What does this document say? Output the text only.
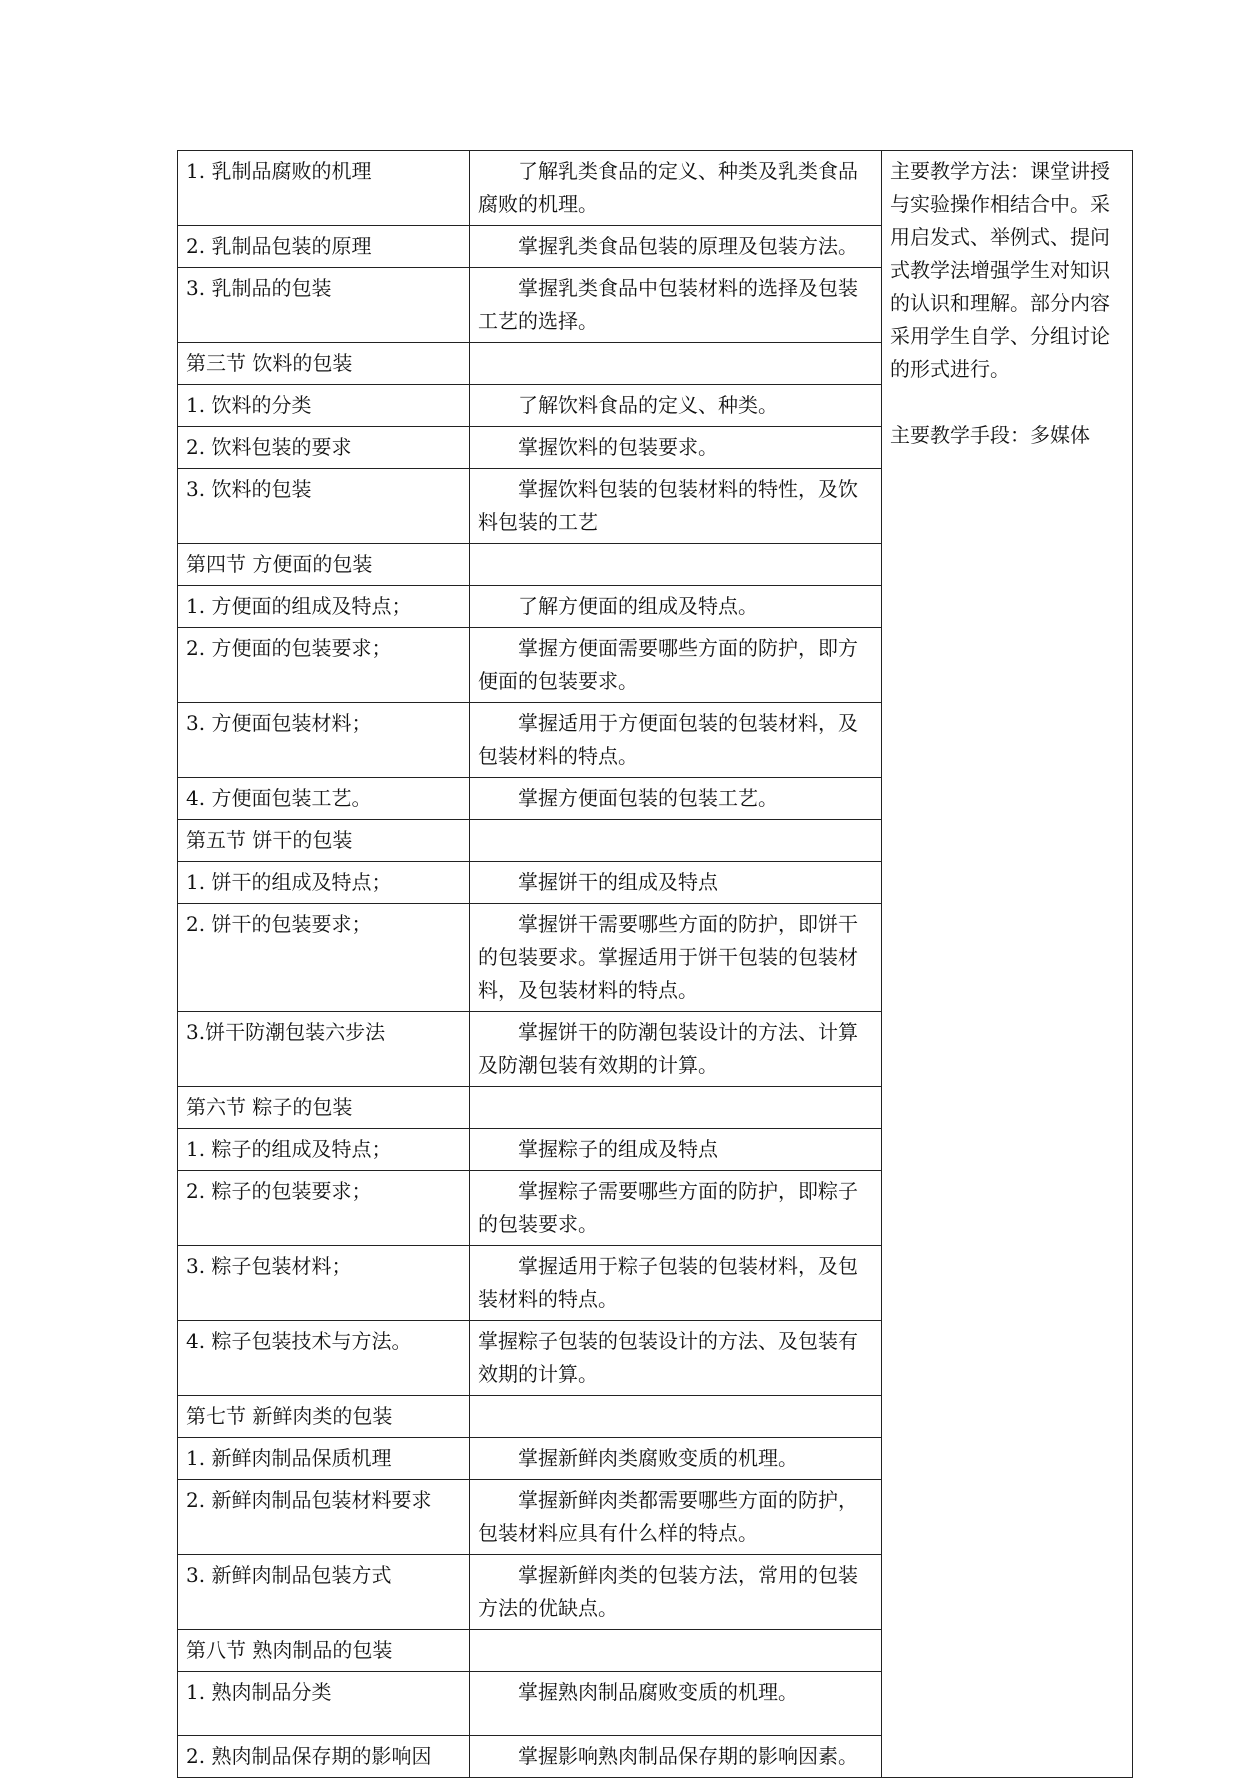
1. 乳制品腐败的机理	了解乳类食品的定义、种类及乳类食品腐败的机理。	主要教学方法：课堂讲授与实验操作相结合中。采用启发式、举例式、提问式教学法增强学生对知识的认识和理解。部分内容采用学生自学、分组讨论的形式进行。
主要教学手段：多媒体

2. 乳制品包装的原理	掌握乳类食品包装的原理及包装方法。	
3. 乳制品的包装	掌握乳类食品中包装材料的选择及包装工艺的选择。	
第三节 饮料的包装		
1. 饮料的分类	了解饮料食品的定义、种类。	
2. 饮料包装的要求	掌握饮料的包装要求。	
3. 饮料的包装	掌握饮料包装的包装材料的特性，及饮料包装的工艺	
第四节 方便面的包装		
1. 方便面的组成及特点；	了解方便面的组成及特点。	
2. 方便面的包装要求；	掌握方便面需要哪些方面的防护，即方便面的包装要求。	
3. 方便面包装材料；	掌握适用于方便面包装的包装材料，及包装材料的特点。	
4. 方便面包装工艺。	掌握方便面包装的包装工艺。	
第五节 饼干的包装		
1. 饼干的组成及特点；	掌握饼干的组成及特点	
2. 饼干的包装要求；	掌握饼干需要哪些方面的防护，即饼干的包装要求。掌握适用于饼干包装的包装材料，及包装材料的特点。	
3.饼干防潮包装六步法	掌握饼干的防潮包装设计的方法、计算及防潮包装有效期的计算。	
第六节 粽子的包装		
1. 粽子的组成及特点；	掌握粽子的组成及特点	
2. 粽子的包装要求；	掌握粽子需要哪些方面的防护，即粽子的包装要求。	
3. 粽子包装材料；	掌握适用于粽子包装的包装材料，及包装材料的特点。	
4. 粽子包装技术与方法。	掌握粽子包装的包装设计的方法、及包装有效期的计算。	
第七节 新鲜肉类的包装		
1. 新鲜肉制品保质机理	掌握新鲜肉类腐败变质的机理。	
2. 新鲜肉制品包装材料要求	掌握新鲜肉类都需要哪些方面的防护，包装材料应具有什么样的特点。	
3. 新鲜肉制品包装方式	掌握新鲜肉类的包装方法，常用的包装方法的优缺点。	
第八节 熟肉制品的包装		
1. 熟肉制品分类	掌握熟肉制品腐败变质的机理。	
2. 熟肉制品保存期的影响因	掌握影响熟肉制品保存期的影响因素。	
